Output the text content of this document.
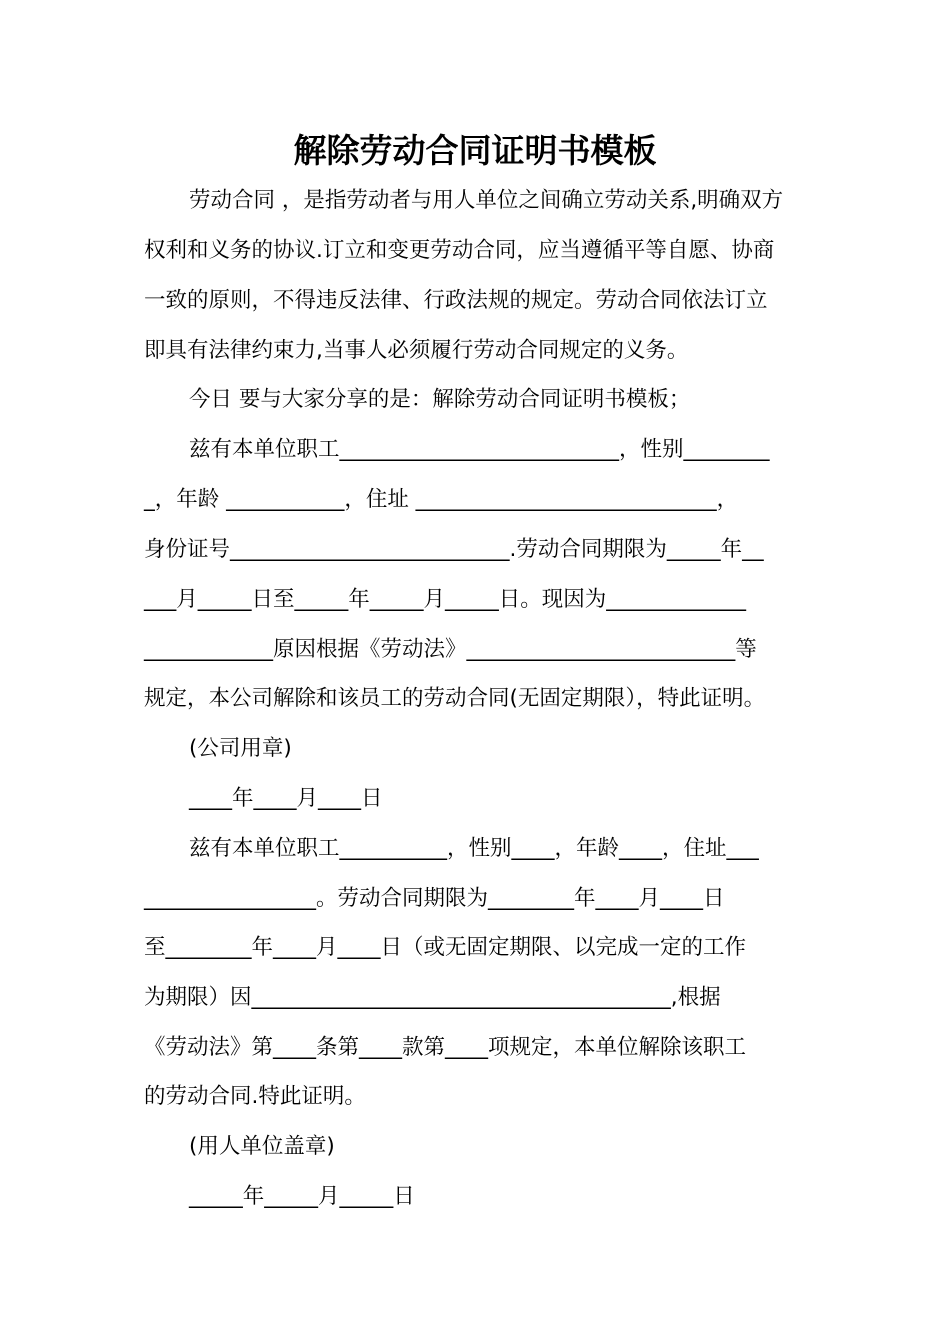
解除劳动合同证明书模板

劳动合同 ，是指劳动者与用人单位之间确立劳动关系,明确双方

权利和义务的协议.订立和变更劳动合同，应当遵循平等自愿、协商

一致的原则，不得违反法律、行政法规的规定。劳动合同依法订立

即具有法律约束力,当事人必须履行劳动合同规定的义务。

今日 要与大家分享的是：解除劳动合同证明书模板；

兹有本单位职工__________________________，性别________

_，年龄 ___________，住址 ____________________________，

身份证号__________________________.劳动合同期限为_____年__

___月_____日至_____年_____月_____日。现因为_____________

____________原因根据《劳动法》_________________________等

规定，本公司解除和该员工的劳动合同(无固定期限），特此证明。

(公司用章)

____年____月____日

兹有本单位职工__________，性别____，年龄____，住址___

________________。劳动合同期限为________年____月____日

至________年____月____日（或无固定期限、以完成一定的工作

为期限）因_______________________________________,根据

《劳动法》第____条第____款第____项规定，本单位解除该职工

的劳动合同.特此证明。

(用人单位盖章)

_____年_____月_____日
